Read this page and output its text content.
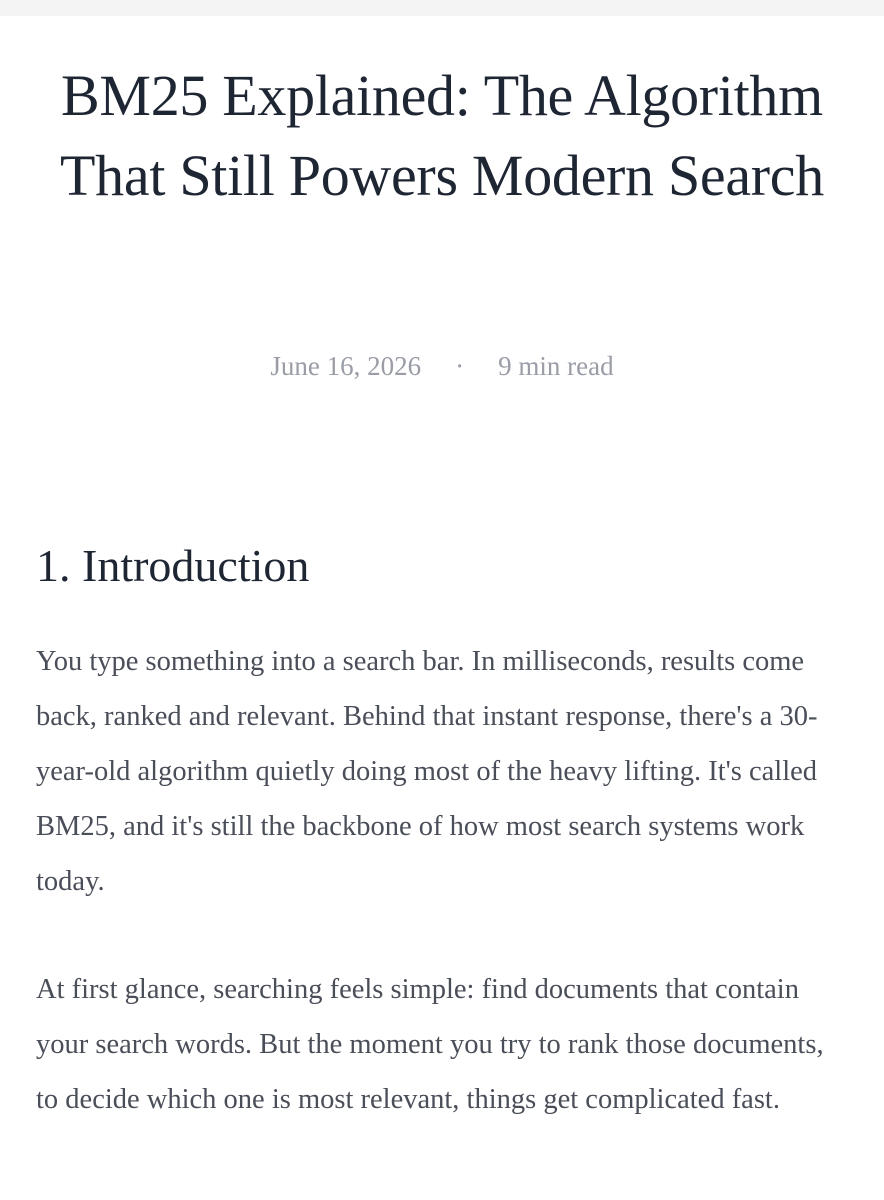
BM25 Explained: The Algorithm That Still Powers Modern Search
June 16, 2026 · 9 min read
1. Introduction

You type something into a search bar. In milliseconds, results come back, ranked and relevant. Behind that instant response, there's a 30-year-old algorithm quietly doing most of the heavy lifting. It's called BM25, and it's still the backbone of how most search systems work today.

At first glance, searching feels simple: find documents that contain your search words. But the moment you try to rank those documents, to decide which one is most relevant, things get complicated fast.
